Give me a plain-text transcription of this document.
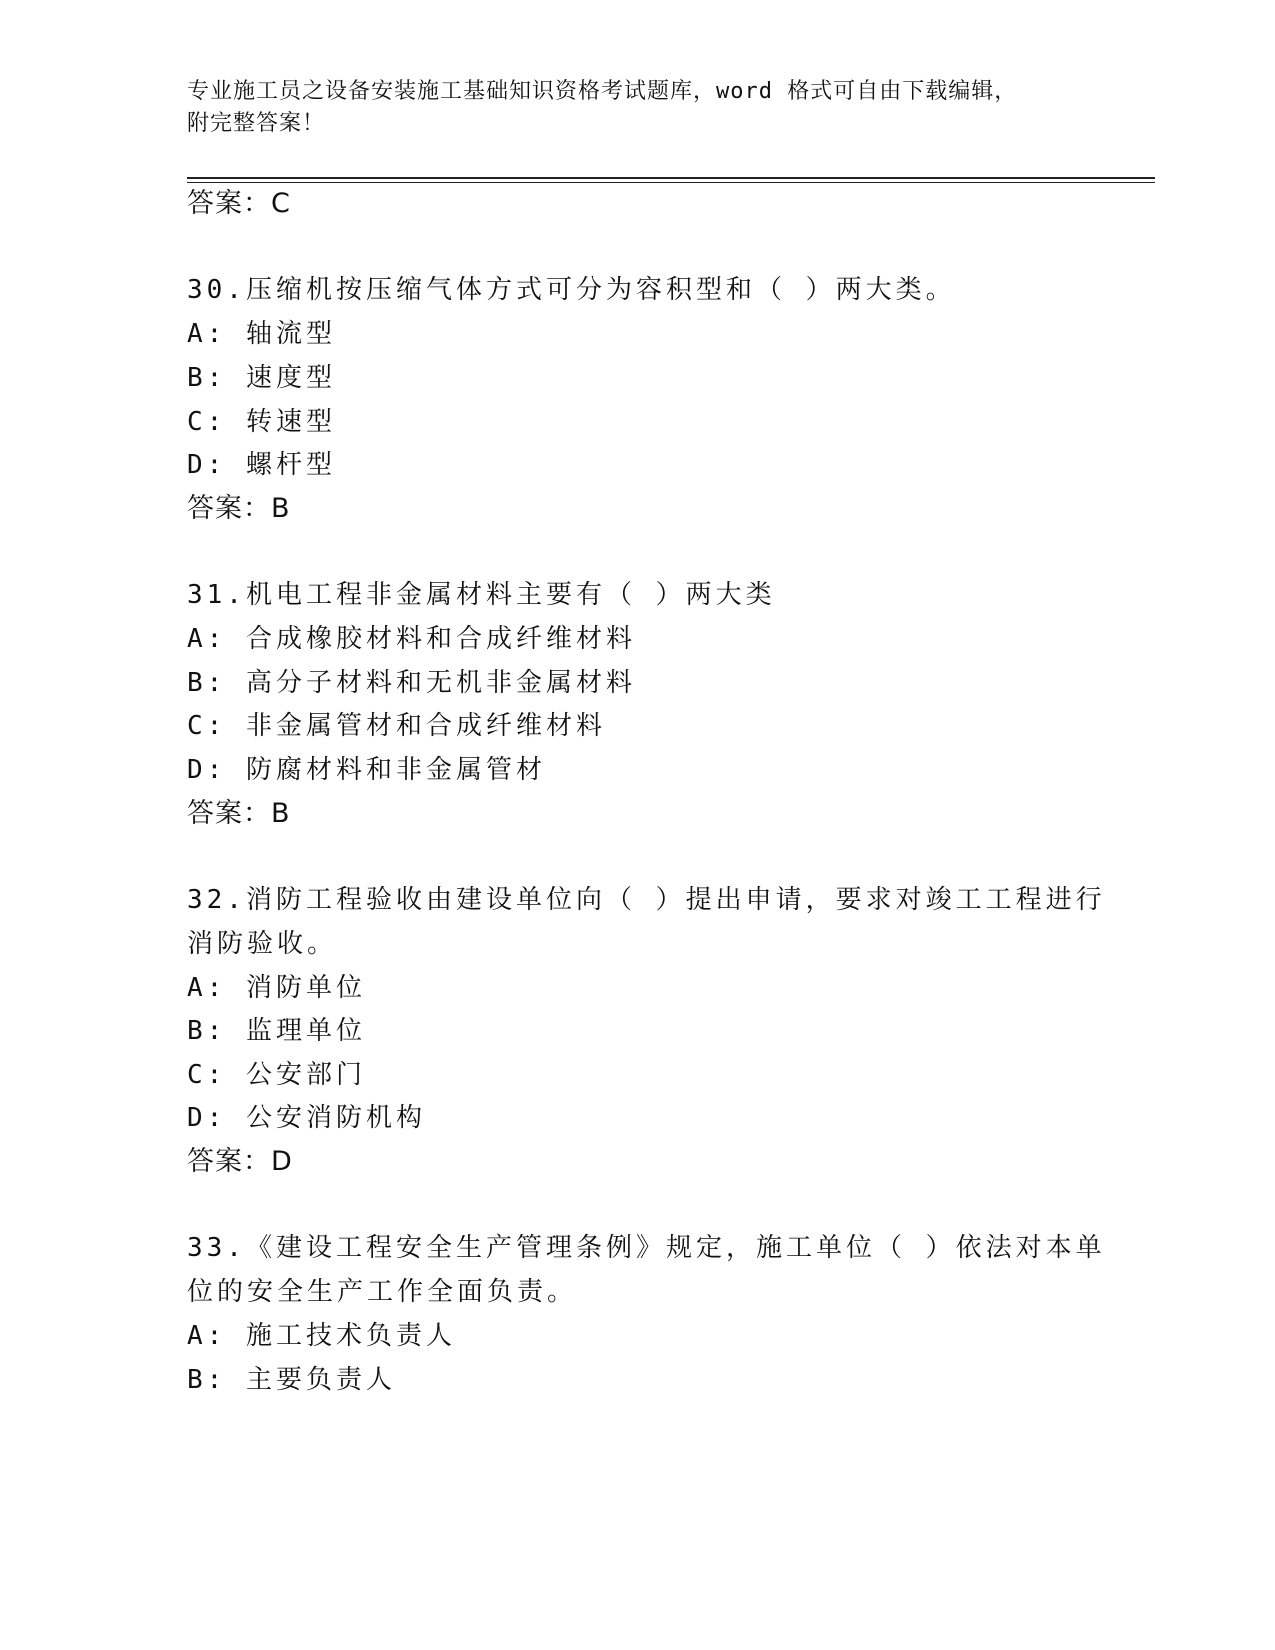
专业施工员之设备安装施工基础知识资格考试题库，word 格式可自由下载编辑，
附完整答案！
答案：C
30.压缩机按压缩气体方式可分为容积型和（ ）两大类。
A: 轴流型
B: 速度型
C: 转速型
D: 螺杆型
答案：B
31.机电工程非金属材料主要有（ ）两大类
A: 合成橡胶材料和合成纤维材料
B: 高分子材料和无机非金属材料
C: 非金属管材和合成纤维材料
D: 防腐材料和非金属管材
答案：B
32.消防工程验收由建设单位向（ ）提出申请，要求对竣工工程进行
消防验收。
A: 消防单位
B: 监理单位
C: 公安部门
D: 公安消防机构
答案：D
33.《建设工程安全生产管理条例》规定，施工单位（ ）依法对本单
位的安全生产工作全面负责。
A: 施工技术负责人
B: 主要负责人
